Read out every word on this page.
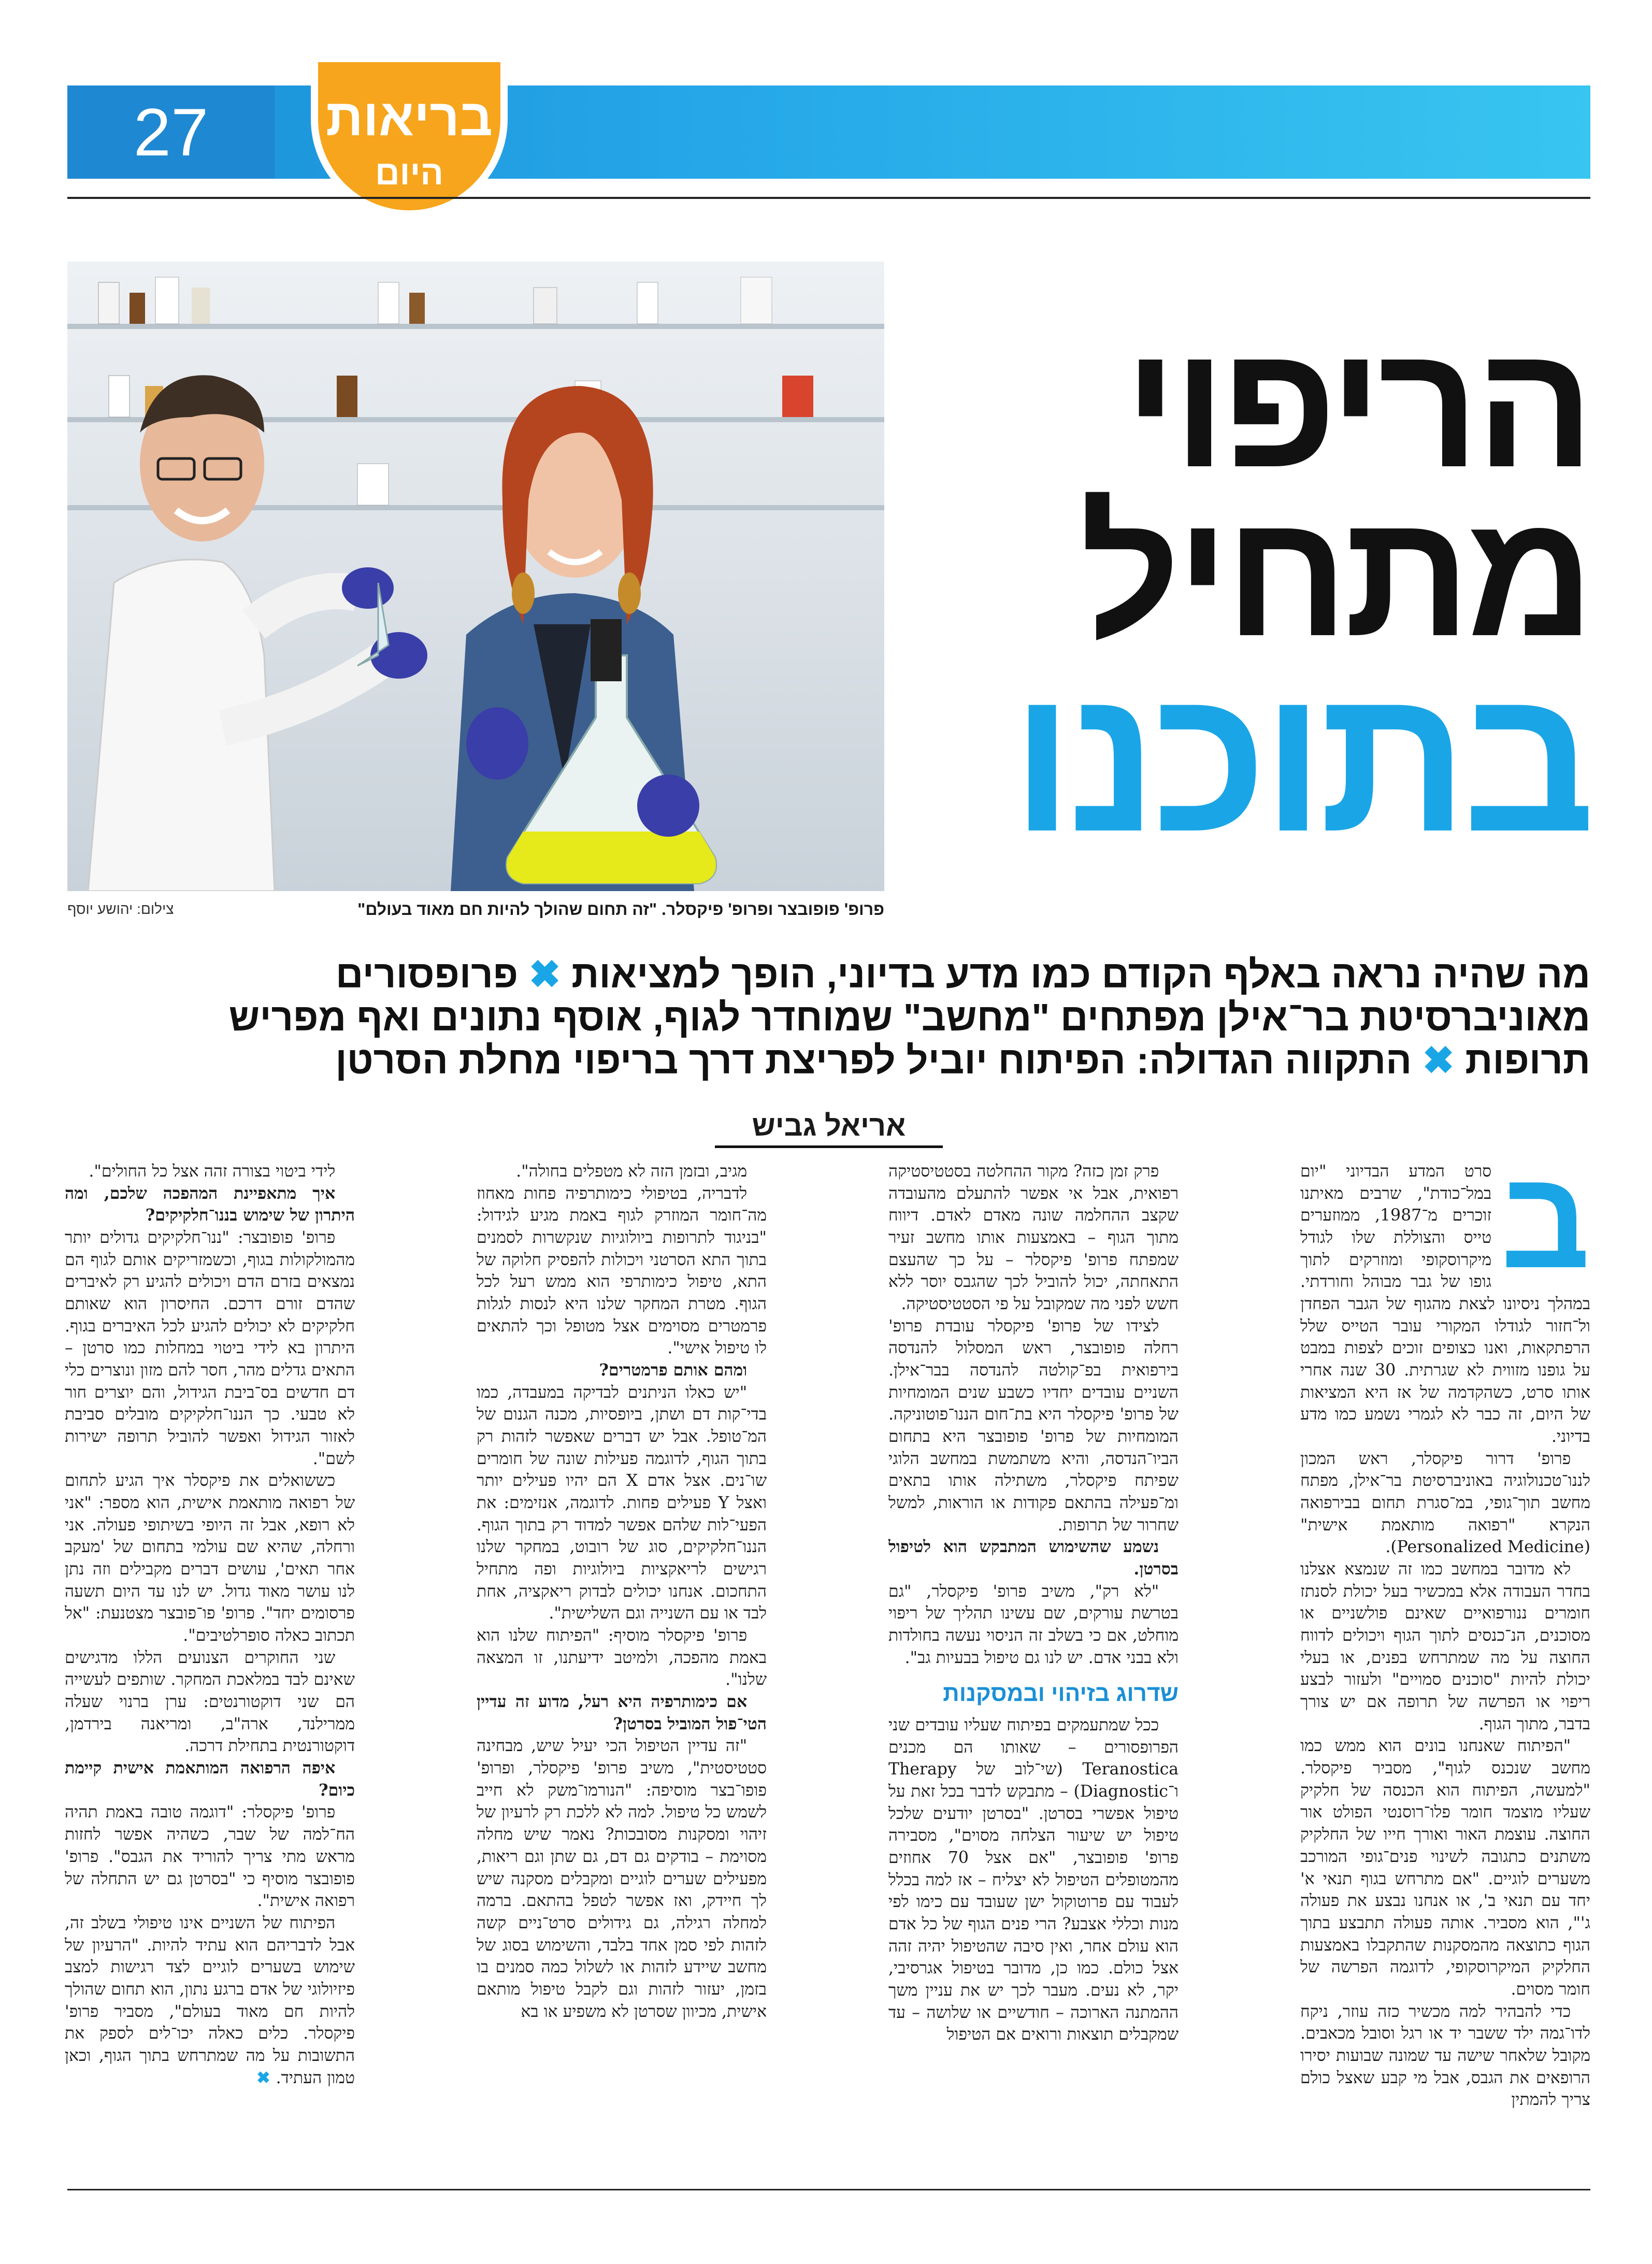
27	בריאות
היום
פרופ' פופובצר ופרופ' פיקסלר. "זה תחום שהולך להיות חם מאוד בעולם"
צילום: יהושע יוסף
הריפוי
מתחיל
בתוכנו
מה שהיה נראה באלף הקודם כמו מדע בדיוני, הופך למציאות ✖ פרופסורים מאוניברסיטת בר־אילן מפתחים "מחשב" שמוחדר לגוף, אוסף נתונים ואף מפריש תרופות ✖ התקווה הגדולה: הפיתוח יוביל לפריצת דרך בריפוי מחלת הסרטן
אריאל גביש
ב

סרט המדע הבדיוני "יום במל־כודת", שרבים מאיתנו זוכרים מ־1987, ממוזערים טייס והצוללת שלו לגודל מיקרוסקופי ומוזרקים לתוך גופו של גבר מבוהל וחורדתי. במהלך ניסיונו לצאת מהגוף של הגבר הפחדן ול־חזור לגודלו המקורי עובר הטייס שלל הרפתקאות, ואנו כצופים זוכים לצפות במבט על גופנו מזווית לא שגרתית. 30 שנה אחרי אותו סרט, כשהקדמה של אז היא המציאות של היום, זה כבר לא לגמרי נשמע כמו מדע בדיוני.

פרופ' דרור פיקסלר, ראש המכון לננו־טכנולוגיה באוניברסיטת בר־אילן, מפתח מחשב תוך־גופי, במ־סגרת תחום בבירפואה הנקרא "רפואה מותאמת אישית" (Personalized Medicine).

לא מדובר במחשב כמו זה שנמצא אצלנו בחדר העבודה אלא במכשיר בעל יכולת לסנתז חומרים ננורפואיים שאינם פולשניים או מסוכנים, הנ־כנסים לתוך הגוף ויכולים לדווח החוצה על מה שמתרחש בפנים, או בעלי יכולת להיות "סוכנים סמויים" ולעזור לבצע ריפוי או הפרשה של תרופה אם יש צורך בדבר, מתוך הגוף.

"הפיתוח שאנחנו בונים הוא ממש כמו מחשב שנכנס לגוף", מסביר פיקסלר. "למעשה, הפיתוח הוא הכנסה של חלקיק שעליו מוצמד חומר פלו־רוסנטי הפולט אור החוצה. עוצמת האור ואורך חייו של החלקיק משתנים כתגובה לשינוי פנים־גופי המורכב משערים לוגיים. "אם מתרחש בגוף תנאי א' יחד עם תנאי ב', או אנחנו נבצע את פעולה ג'", הוא מסביר. אותה פעולה תתבצע בתוך הגוף כתוצאה מהמסקנות שהתקבלו באמצעות החלקיק המיקרוסקופי, לדוגמה הפרשה של חומר מסוים.

כדי להבהיר למה מכשיר כזה עוזר, ניקח לדו־גמה ילד ששבר יד או רגל וסובל מכאבים. מקובל שלאחר שישה עד שמונה שבועות יסירו הרופאים את הגבס, אבל מי קבע שאצל כולם צריך להמתין

פרק זמן כזה? מקור ההחלטה בסטטיסטיקה רפואית, אבל אי אפשר להתעלם מהעובדה שקצב ההחלמה שונה מאדם לאדם. דיווח מתוך הגוף – באמצעות אותו מחשב זעיר שמפתח פרופ' פיקסלר – על כך שהעצם התאחתה, יכול להוביל לכך שהגבס יוסר ללא חשש לפני מה שמקובל על פי הסטטיסטיקה.

לצידו של פרופ' פיקסלר עובדת פרופ' רחלה פופובצר, ראש המסלול להנדסה בירפואית בפ־קולטה להנדסה בבר־אילן. השניים עובדים יחדיו כשבע שנים המומחיות של פרופ' פיקסלר היא בת־חום הננו־פוטוניקה. המומחיות של פרופ' פופובצר היא בתחום הביו־הנדסה, והיא משתמשת במחשב הלוגי שפיתח פיקסלר, משתילה אותו בתאים ומ־פעילה בהתאם פקודות או הוראות, למשל שחרור של תרופות.

נשמע שהשימוש המתבקש הוא לטיפול בסרטן.

"לא רק", משיב פרופ' פיקסלר, "גם בטרשת עורקים, שם עשינו תהליך של ריפוי מוחלט, אם כי בשלב זה הניסוי נעשה בחולדות ולא בבני אדם. יש לנו גם טיפול בבעיות גב".

שדרוג בזיהוי ובמסקנות

ככל שמתעמקים בפיתוח שעליו עובדים שני הפרופסורים – שאותו הם מכנים Teranostica (שי־לוב של Therapy ו־Diagnostic) – מתבקש לדבר בכל זאת על טיפול אפשרי בסרטן. "בסרטן יודעים שלכל טיפול יש שיעור הצלחה מסוים", מסבירה פרופ' פופובצר, "אם אצל 70 אחוזים מהמטופלים הטיפול לא יצליח – אז למה בכלל לעבוד עם פרוטוקול ישן שעובד עם כימו לפי מנות וכללי אצבע? הרי פנים הגוף של כל אדם הוא עולם אחר, ואין סיבה שהטיפול יהיה זהה אצל כולם. כמו כן, מדובר בטיפול אגרסיבי, יקר, לא נעים. מעבר לכך יש את עניין משך ההמתנה הארוכה – חודשיים או שלושה – עד שמקבלים תוצאות ורואים אם הטיפול

מגיב, ובזמן הזה לא מטפלים בחולה".

לדבריה, בטיפולי כימותרפיה פחות מאחוז מה־חומר המוזרק לגוף באמת מגיע לגידול: "בניגוד לתרופות ביולוגיות שנקשרות לסמנים בתוך התא הסרטני ויכולות להפסיק חלוקה של התא, טיפול כימותרפי הוא ממש רעל לכל הגוף. מטרת המחקר שלנו היא לנסות לגלות פרמטרים מסוימים אצל מטופל וכך להתאים לו טיפול אישי".

ומהם אותם פרמטרים?

"יש כאלו הניתנים לבדיקה במעבדה, כמו בדי־קות דם ושתן, ביופסיות, מכנה הגנום של המ־טופל. אבל יש דברים שאפשר לזהות רק בתוך הגוף, לדוגמה פעילות שונה של חומרים שו־נים. אצל אדם X הם יהיו פעילים יותר ואצל Y פעילים פחות. לדוגמה, אנזימים: את הפעי־לות שלהם אפשר למדוד רק בתוך הגוף. הננו־חלקיקים, סוג של רובוט, במחקר שלנו רגישים לריאקציות ביולוגיות ופה מתחיל התחכום. אנחנו יכולים לבדוק ריאקציה, אחת לבד או עם השנייה וגם השלישית".

פרופ' פיקסלר מוסיף: "הפיתוח שלנו הוא באמת מהפכה, ולמיטב ידיעתנו, זו המצאה שלנו".

אם כימותרפיה היא רעל, מדוע זה עדיין הטי־פול המוביל בסרטן?

"זה עדיין הטיפול הכי יעיל שיש, מבחינה סטטיסטית", משיב פרופ' פיקסלר, ופרופ' פופו־בצר מוסיפה: "הנורמו־משק לא חייב לשמש כל טיפול. למה לא ללכת רק לרעיון של זיהוי ומסקנות מסובכות? נאמר שיש מחלה מסוימת – בודקים גם דם, גם שתן וגם ריאות, מפעילים שערים לוגיים ומקבלים מסקנה שיש לך חיידק, ואז אפשר לטפל בהתאם. ברמה למחלה רגילה, גם גידולים סרט־ניים קשה לזהות לפי סמן אחד בלבד, והשימוש בסוג של מחשב שיידע לזהות או לשלול כמה סמנים בו בזמן, יעזור לזהות וגם לקבל טיפול מותאם אישית, מכיוון שסרטן לא משפיע או בא

לידי ביטוי בצורה זהה אצל כל החולים".

איך מתאפיינת המהפכה שלכם, ומה היתרון של שימוש בננו־חלקיקים?

פרופ' פופובצר: "ננו־חלקיקים גדולים יותר מהמולקולות בגוף, וכשמזריקים אותם לגוף הם נמצאים בזרם הדם ויכולים להגיע רק לאיברים שהדם זורם דרכם. החיסרון הוא שאותם חלקיקים לא יכולים להגיע לכל האיברים בגוף. היתרון בא לידי ביטוי במחלות כמו סרטן – התאים גדלים מהר, חסר להם מזון ונוצרים כלי דם חדשים בס־ביבת הגידול, והם יוצרים חור לא טבעי. כך הננו־חלקיקים מובלים סביבת לאזור הגידול ואפשר להוביל תרופה ישירות לשם".

כששואלים את פיקסלר איך הגיע לתחום של רפואה מותאמת אישית, הוא מספר: "אני לא רופא, אבל זה היופי בשיתופי פעולה. אני ורחלה, שהיא שם עולמי בתחום של 'מעקב אחר תאים', עושים דברים מקבילים וזה נתן לנו עושר מאוד גדול. יש לנו עד היום תשעה פרסומים יחד". פרופ' פו־פובצר מצטנעת: "אל תכתוב כאלה סופרלטיבים".

שני החוקרים הצנועים הללו מדגישים שאינם לבד במלאכת המחקר. שותפים לעשייה הם שני דוקטורנטים: ערן ברנוי שעלה ממרילנד, ארה"ב, ומריאנה בירדמן, דוקטורנטית בתחילת דרכה.

איפה הרפואה המותאמת אישית קיימת כיום?

פרופ' פיקסלר: "דוגמה טובה באמת תהיה הח־למה של שבר, כשהיה אפשר לחזות מראש מתי צריך להוריד את הגבס". פרופ' פופובצר מוסיף כי "בסרטן גם יש התחלה של רפואה אישית".

הפיתוח של השניים אינו טיפולי בשלב זה, אבל לדבריהם הוא עתיד להיות. "הרעיון של שימוש בשערים לוגיים לצד רגישות למצב פיזיולוגי של אדם ברגע נתון, הוא תחום שהולך להיות חם מאוד בעולם", מסביר פרופ' פיקסלר. כלים כאלה יכו־לים לספק את התשובות על מה שמתרחש בתוך הגוף, וכאן טמון העתיד. ✖
